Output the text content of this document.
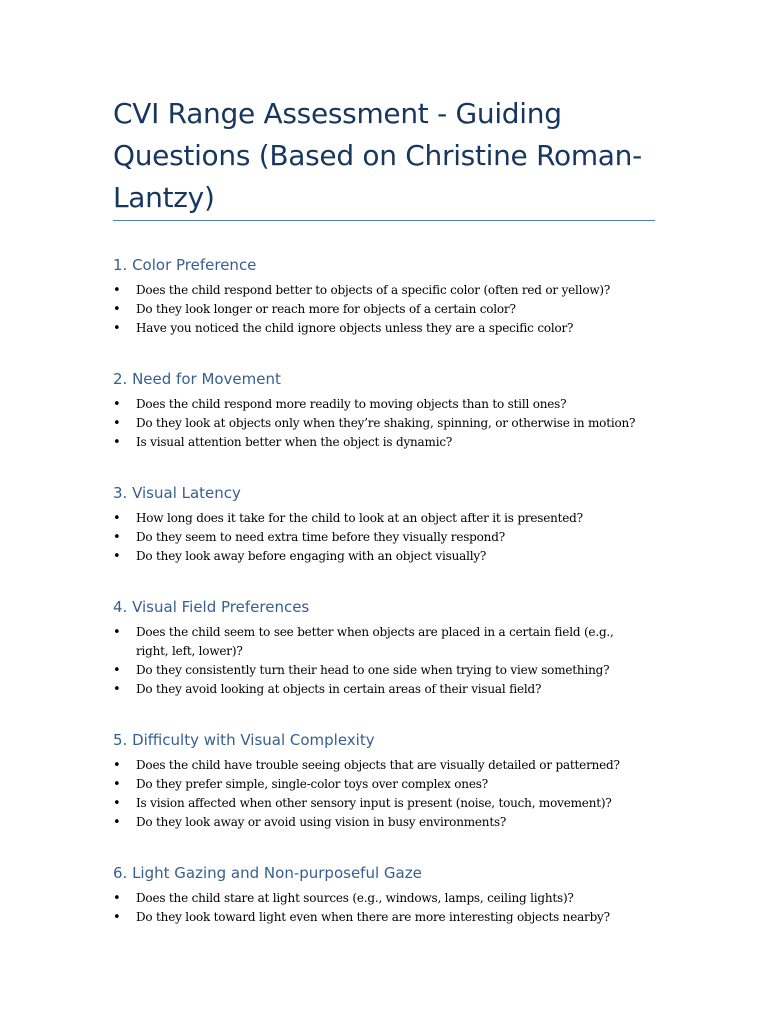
CVI Range Assessment - Guiding Questions (Based on Christine Roman-Lantzy)
1. Color Preference
• Does the child respond better to objects of a specific color (often red or yellow)?
• Do they look longer or reach more for objects of a certain color?
• Have you noticed the child ignore objects unless they are a specific color?
2. Need for Movement
• Does the child respond more readily to moving objects than to still ones?
• Do they look at objects only when they’re shaking, spinning, or otherwise in motion?
• Is visual attention better when the object is dynamic?
3. Visual Latency
• How long does it take for the child to look at an object after it is presented?
• Do they seem to need extra time before they visually respond?
• Do they look away before engaging with an object visually?
4. Visual Field Preferences
• Does the child seem to see better when objects are placed in a certain field (e.g., right, left, lower)?
• Do they consistently turn their head to one side when trying to view something?
• Do they avoid looking at objects in certain areas of their visual field?
5. Difficulty with Visual Complexity
• Does the child have trouble seeing objects that are visually detailed or patterned?
• Do they prefer simple, single-color toys over complex ones?
• Is vision affected when other sensory input is present (noise, touch, movement)?
• Do they look away or avoid using vision in busy environments?
6. Light Gazing and Non-purposeful Gaze
• Does the child stare at light sources (e.g., windows, lamps, ceiling lights)?
• Do they look toward light even when there are more interesting objects nearby?
